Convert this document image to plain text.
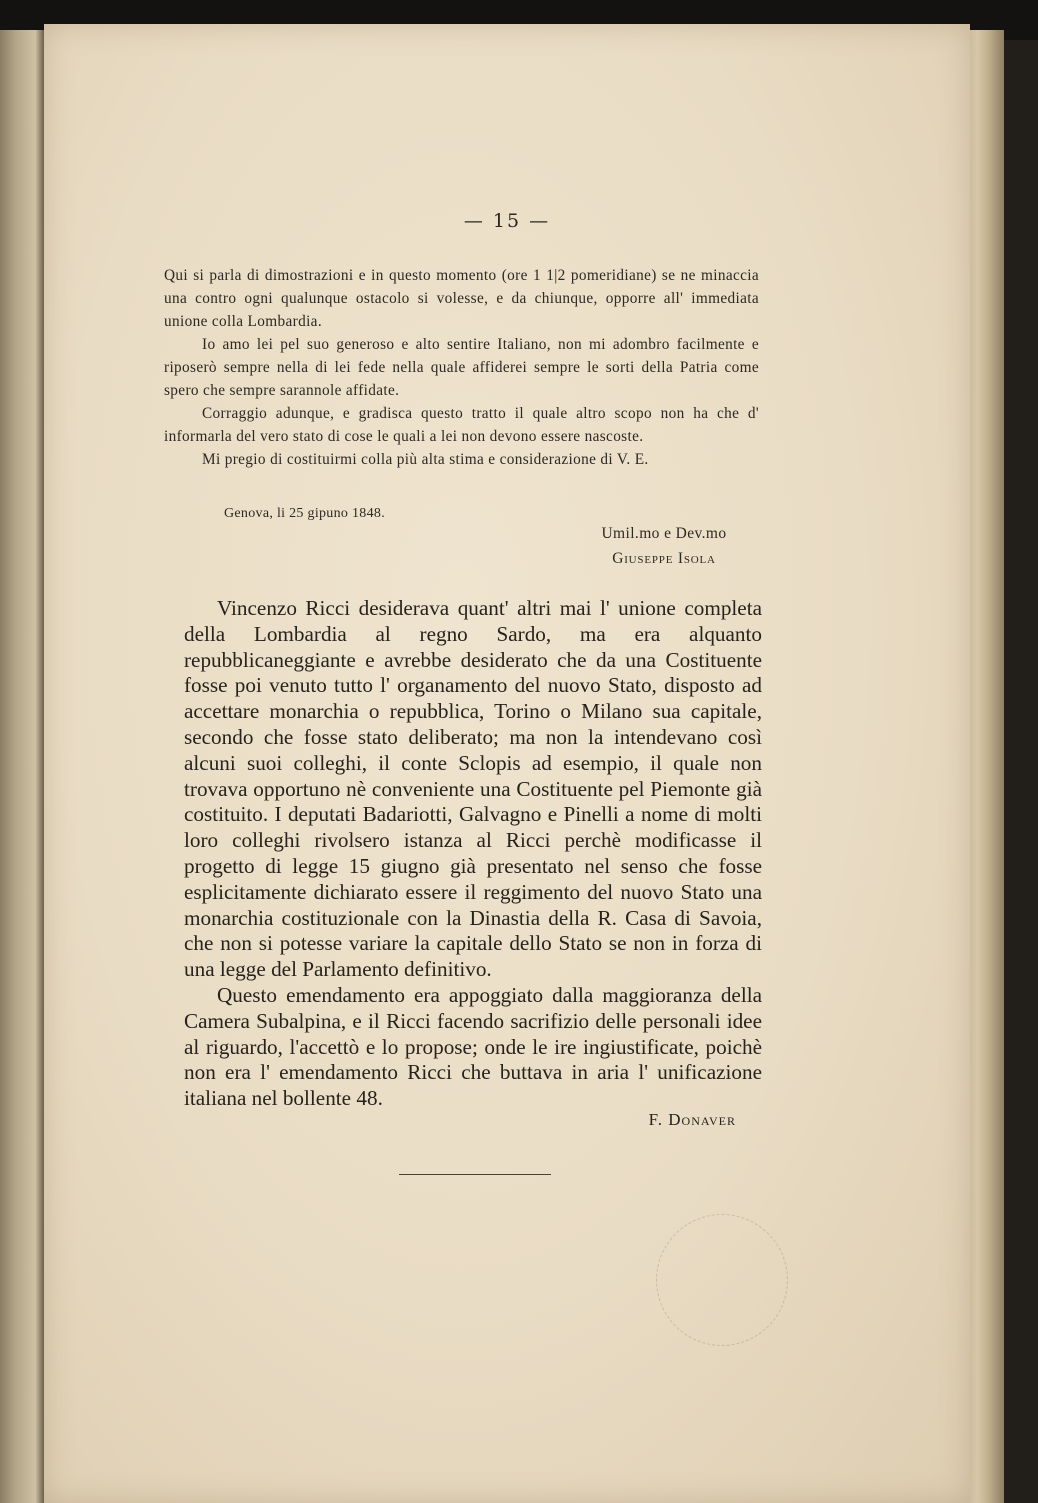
— 15 —

Qui si parla di dimostrazioni e in questo momento (ore 1 1|2 pomeridiane) se ne minaccia una contro ogni qualunque ostacolo si volesse, e da chiunque, opporre all' immediata unione colla Lombardia.

Io amo lei pel suo generoso e alto sentire Italiano, non mi adombro facilmente e riposerò sempre nella di lei fede nella quale affiderei sempre le sorti della Patria come spero che sempre sarannole affidate.

Corraggio adunque, e gradisca questo tratto il quale altro scopo non ha che d' informarla del vero stato di cose le quali a lei non devono essere nascoste.

Mi pregio di costituirmi colla più alta stima e considerazione di V. E.

Genova, li 25 gipuno 1848.
Umil.mo e Dev.mo
Giuseppe Isola

Vincenzo Ricci desiderava quant' altri mai l' unione completa della Lombardia al regno Sardo, ma era alquanto repubblicaneggiante e avrebbe desiderato che da una Costituente fosse poi venuto tutto l' organamento del nuovo Stato, disposto ad accettare monarchia o repubblica, Torino o Milano sua capitale, secondo che fosse stato deliberato; ma non la intendevano così alcuni suoi colleghi, il conte Sclopis ad esempio, il quale non trovava opportuno nè conveniente una Costituente pel Piemonte già costituito. I deputati Badariotti, Galvagno e Pinelli a nome di molti loro colleghi rivolsero istanza al Ricci perchè modificasse il progetto di legge 15 giugno già presentato nel senso che fosse esplicitamente dichiarato essere il reggimento del nuovo Stato una monarchia costituzionale con la Dinastia della R. Casa di Savoia, che non si potesse variare la capitale dello Stato se non in forza di una legge del Parlamento definitivo.

Questo emendamento era appoggiato dalla maggioranza della Camera Subalpina, e il Ricci facendo sacrifizio delle personali idee al riguardo, l'accettò e lo propose; onde le ire ingiustificate, poichè non era l' emendamento Ricci che buttava in aria l' unificazione italiana nel bollente 48.

F. Donaver
